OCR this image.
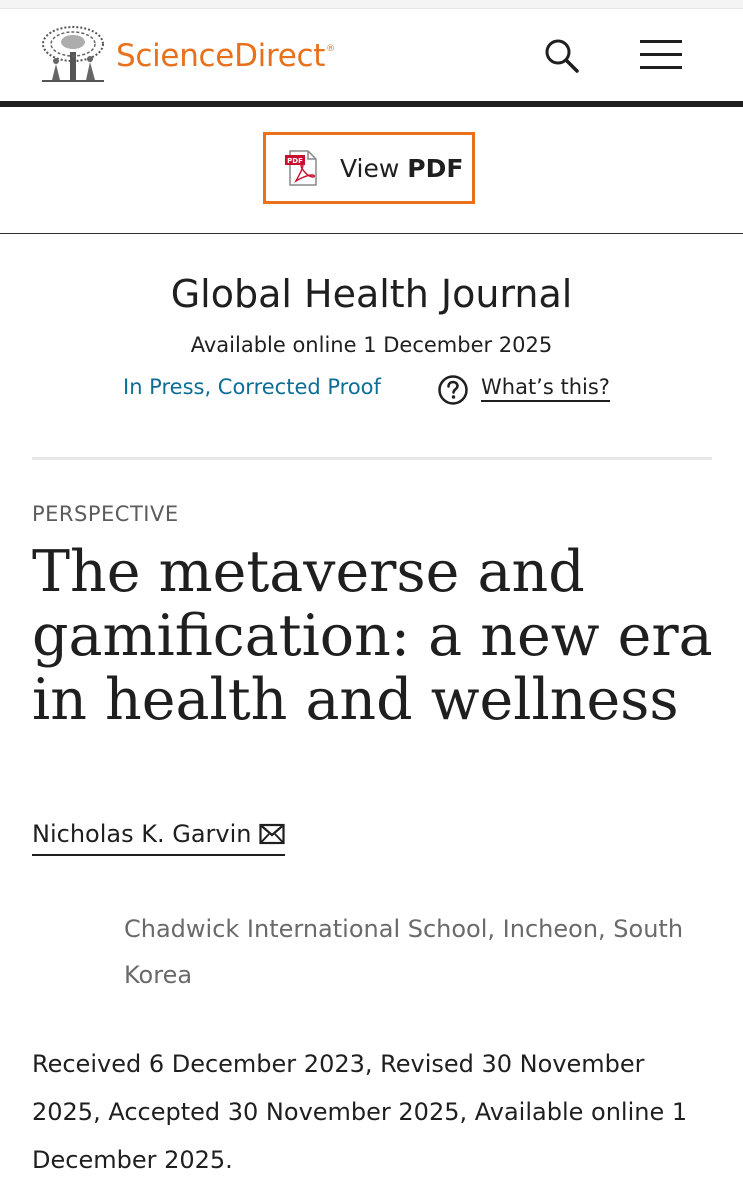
ScienceDirect®
PDF View PDF
Global Health Journal
Available online 1 December 2025
In Press, Corrected Proof	What’s this?
PERSPECTIVE
The metaverse and gamification: a new era in health and wellness
Nicholas K. Garvin
Chadwick International School, Incheon, South Korea
Received 6 December 2023, Revised 30 November 2025, Accepted 30 November 2025, Available online 1 December 2025.
